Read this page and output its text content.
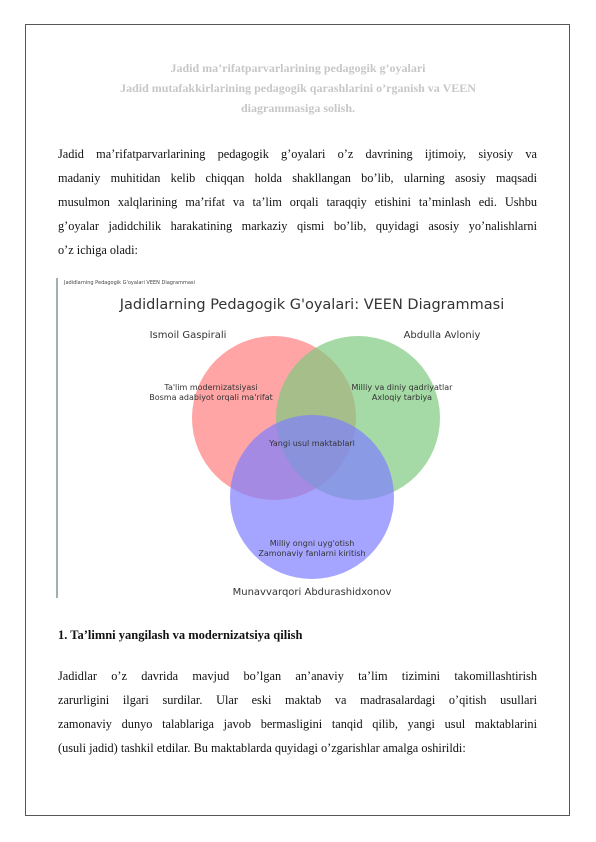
Jadid ma’rifatparvarlarining pedagogik g’oyalari
Jadid mutafakkirlarining pedagogik qarashlarini o’rganish va VEEN
diagrammasiga solish.
Jadid ma’rifatparvarlarining pedagogik g’oyalari o’z davrining ijtimoiy, siyosiy va
madaniy muhitidan kelib chiqqan holda shakllangan bo’lib, ularning asosiy maqsadi
musulmon xalqlarining ma’rifat va ta’lim orqali taraqqiy etishini ta’minlash edi. Ushbu
g’oyalar jadidchilik harakatining markaziy qismi bo’lib, quyidagi asosiy yo’nalishlarni
o’z ichiga oladi:
Jadidlarning Pedagogik G'oyalari VEEN Diagrammasi
Jadidlarning Pedagogik G'oyalari: VEEN Diagrammasi
Ismoil Gaspirali	Abdulla Avloniy
Munavvarqori Abdurashidxonov
Ta'lim modernizatsiyasi
Bosma adabiyot orqali ma'rifat
Milliy va diniy qadriyatlar
Axloqiy tarbiya
Yangi usul maktablari
Milliy ongni uyg'otish
Zamonaviy fanlarni kiritish
1. Ta’limni yangilash va modernizatsiya qilish
Jadidlar o’z davrida mavjud bo’lgan an’anaviy ta’lim tizimini takomillashtirish
zarurligini ilgari surdilar. Ular eski maktab va madrasalardagi o’qitish usullari
zamonaviy dunyo talablariga javob bermasligini tanqid qilib, yangi usul maktablarini
(usuli jadid) tashkil etdilar. Bu maktablarda quyidagi o’zgarishlar amalga oshirildi:
